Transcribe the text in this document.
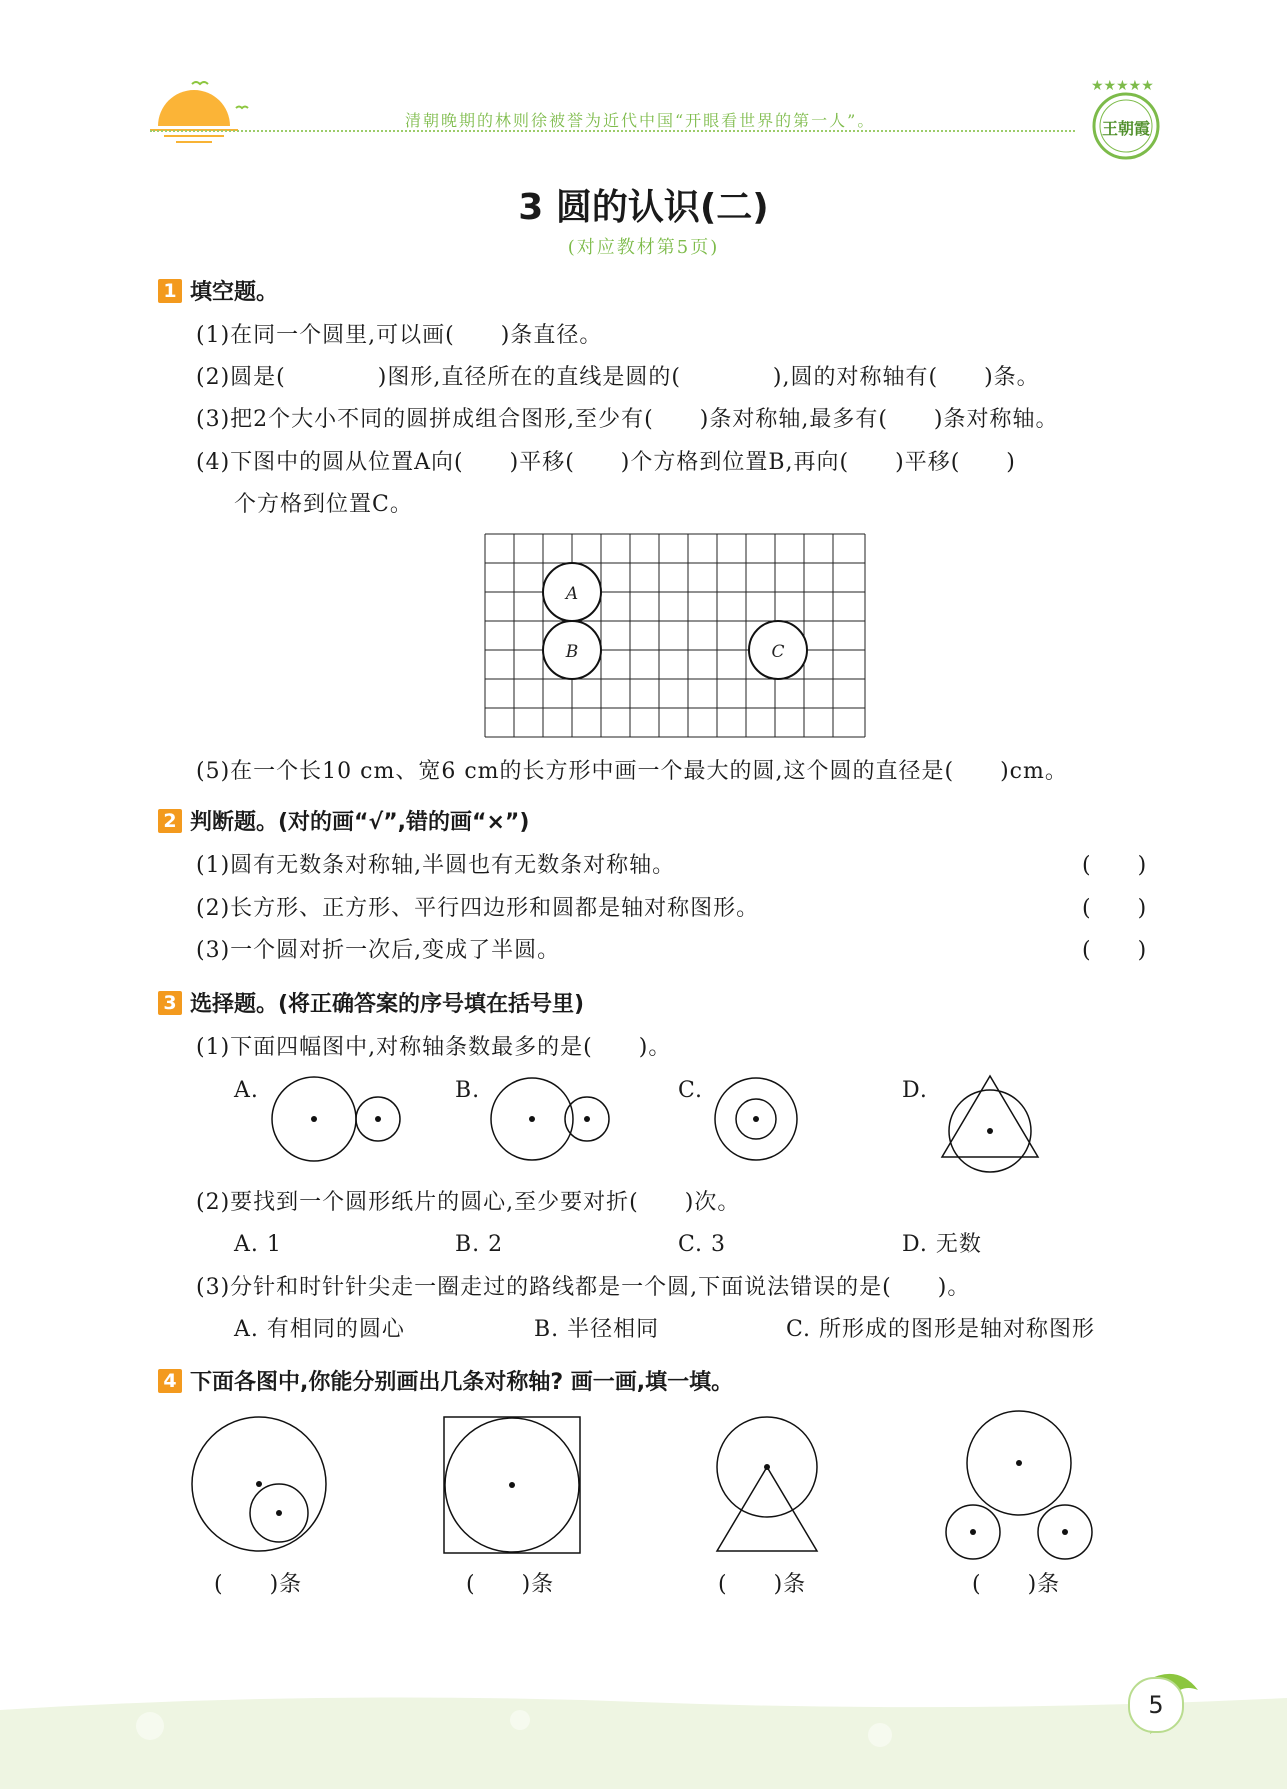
清朝晚期的林则徐被誉为近代中国“开眼看世界的第一人”。
★★★★★
王朝霞
3 圆的认识(二)
(对应教材第5页)
1 填空题。
(1)在同一个圆里,可以画(　　)条直径。
(2)圆是(　　　　)图形,直径所在的直线是圆的(　　　　),圆的对称轴有(　　)条。
(3)把2个大小不同的圆拼成组合图形,至少有(　　)条对称轴,最多有(　　)条对称轴。
(4)下图中的圆从位置A向(　　)平移(　　)个方格到位置B,再向(　　)平移(　　)
个方格到位置C。
A
B	C
(5)在一个长10 cm、宽6 cm的长方形中画一个最大的圆,这个圆的直径是(　　)cm。
2 判断题。(对的画“√”,错的画“×”)
(1)圆有无数条对称轴,半圆也有无数条对称轴。	(　　)
(2)长方形、正方形、平行四边形和圆都是轴对称图形。	(　　)
(3)一个圆对折一次后,变成了半圆。	(　　)
3 选择题。(将正确答案的序号填在括号里)
(1)下面四幅图中,对称轴条数最多的是(　　)。
A.	B.	C.	D.
(2)要找到一个圆形纸片的圆心,至少要对折(　　)次。
A. 1	B. 2	C. 3	D. 无数
(3)分针和时针针尖走一圈走过的路线都是一个圆,下面说法错误的是(　　)。
A. 有相同的圆心	B. 半径相同	C. 所形成的图形是轴对称图形
4 下面各图中,你能分别画出几条对称轴? 画一画,填一填。
(　　)条	(　　)条	(　　)条	(　　)条
5
